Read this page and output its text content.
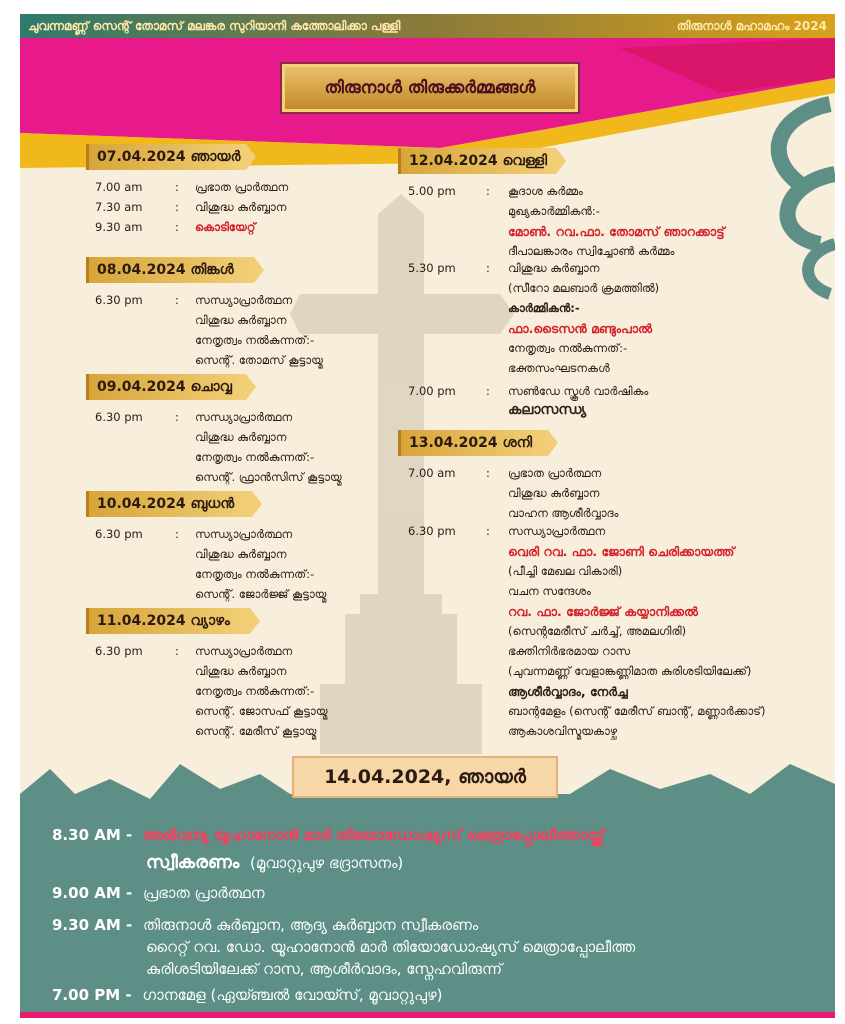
ചുവന്നമണ്ണ് സെന്റ് തോമസ് മലങ്കര സുറിയാനി കത്തോലിക്കാ പള്ളി	തിരുനാൾ മഹാമഹം 2024
തിരുനാൾ തിരുക്കർമ്മങ്ങൾ
07.04.2024 ഞായർ
7.00 am	: പ്രഭാത പ്രാർത്ഥന
7.30 am	: വിശുദ്ധ കുർബ്ബാന
9.30 am	: കൊടിയേറ്റ്
08.04.2024 തിങ്കൾ
6.30 pm	: സന്ധ്യാപ്രാർത്ഥന
വിശുദ്ധ കുർബ്ബാന
നേതൃത്വം നൽകുന്നത്:-
സെന്റ്. തോമസ് കൂട്ടായ്മ
09.04.2024 ചൊവ്വ
6.30 pm	: സന്ധ്യാപ്രാർത്ഥന
വിശുദ്ധ കുർബ്ബാന
നേതൃത്വം നൽകുന്നത്:-
സെന്റ്. ഫ്രാൻസിസ് കൂട്ടായ്മ
10.04.2024 ബുധൻ
6.30 pm	: സന്ധ്യാപ്രാർത്ഥന
വിശുദ്ധ കുർബ്ബാന
നേതൃത്വം നൽകുന്നത്:-
സെന്റ്. ജോർജ്ജ് കൂട്ടായ്മ
11.04.2024 വ്യാഴം
6.30 pm	: സന്ധ്യാപ്രാർത്ഥന
വിശുദ്ധ കുർബ്ബാന
നേതൃത്വം നൽകുന്നത്:-
സെന്റ്. ജോസഫ് കൂട്ടായ്മ
സെന്റ്. മേരീസ് കൂട്ടായ്മ
12.04.2024 വെള്ളി
5.00 pm	: കൂദാശ കർമ്മം
മുഖ്യകാർമ്മികൻ:-
മോൺ. റവ.ഫാ. തോമസ് ഞാറക്കാട്ട്
ദീപാലങ്കാരം സ്വിച്ചോൺ കർമ്മം
5.30 pm	: വിശുദ്ധ കുർബ്ബാന
(സീറോ മലബാർ ക്രമത്തിൽ)
കാർമ്മികൻ:-
ഫാ.ടൈസൻ മണ്ടുംപാൽ
നേതൃത്വം നൽകുന്നത്:-
ഭക്തസംഘടനകൾ
7.00 pm	: സൺഡേ സ്കൂൾ വാർഷികം
കലാസന്ധ്യ
13.04.2024 ശനി
7.00 am	: പ്രഭാത പ്രാർത്ഥന
വിശുദ്ധ കുർബ്ബാന
വാഹന ആശീർവ്വാദം
6.30 pm	: സന്ധ്യാപ്രാർത്ഥന
വെരി റവ. ഫാ. ജോണി ചെരിക്കായത്ത്
(പീച്ചി മേഖല വികാരി)
വചന സന്ദേശം
റവ. ഫാ. ജോർജ്ജ് കയ്യാനിക്കൽ
(സെന്റമേരീസ് ചർച്ച്, അമലഗിരി)
ഭക്തിനിർഭരമായ റാസ
(ചുവന്നമണ്ണ് വേളാങ്കണ്ണിമാത കുരിശടിയിലേക്ക്)
ആശീർവ്വാദം, നേർച്ച
ബാന്റമേളം (സെന്റ് മേരീസ് ബാന്റ്, മണ്ണാർക്കാട്)
ആകാശവിസ്മയകാഴ്ച
14.04.2024, ഞായർ
8.30 AM - അഭിവന്ദ്യ യൂഹാനോൻ മാർ തിയോഡോഷ്യസ് മെത്രാപ്പോലീത്തായ്ക്ക്
സ്വീകരണം (മൂവാറ്റുപുഴ ഭദ്രാസനം)
9.00 AM - പ്രഭാത പ്രാർത്ഥന
9.30 AM - തിരുനാൾ കുർബ്ബാന, ആദ്യ കുർബ്ബാന സ്വീകരണം
റൈറ്റ് റവ. ഡോ. യൂഹാനോൻ മാർ തിയോഡോഷ്യസ് മെത്രാപ്പോലീത്ത
കുരിശടിയിലേക്ക് റാസ, ആശീർവാദം, സ്നേഹവിരുന്ന്
7.00 PM - ഗാനമേള (ഏയ്ഞ്ചൽ വോയ്സ്, മൂവാറ്റുപുഴ)
